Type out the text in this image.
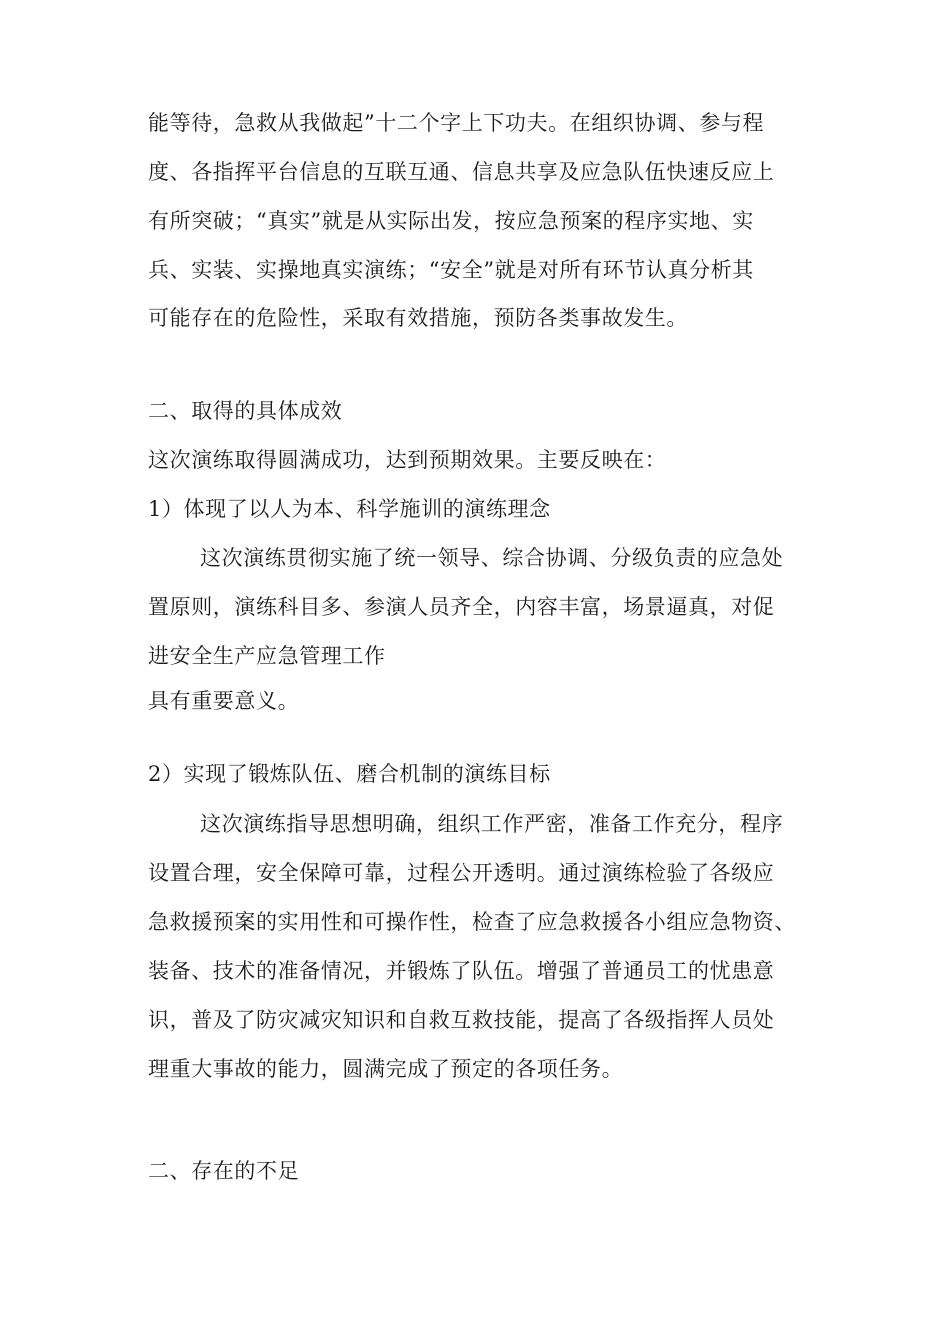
能等待，急救从我做起”十二个字上下功夫。在组织协调、参与程
度、各指挥平台信息的互联互通、信息共享及应急队伍快速反应上
有所突破；“真实”就是从实际出发，按应急预案的程序实地、实
兵、实装、实操地真实演练；“安全”就是对所有环节认真分析其
可能存在的危险性，采取有效措施，预防各类事故发生。
二、取得的具体成效
这次演练取得圆满成功，达到预期效果。主要反映在：
1）体现了以人为本、科学施训的演练理念
这次演练贯彻实施了统一领导、综合协调、分级负责的应急处
置原则，演练科目多、参演人员齐全，内容丰富，场景逼真，对促
进安全生产应急管理工作
具有重要意义。
2）实现了锻炼队伍、磨合机制的演练目标
这次演练指导思想明确，组织工作严密，准备工作充分，程序
设置合理，安全保障可靠，过程公开透明。通过演练检验了各级应
急救援预案的实用性和可操作性，检查了应急救援各小组应急物资、
装备、技术的准备情况，并锻炼了队伍。增强了普通员工的忧患意
识，普及了防灾减灾知识和自救互救技能，提高了各级指挥人员处
理重大事故的能力，圆满完成了预定的各项任务。
二、存在的不足
